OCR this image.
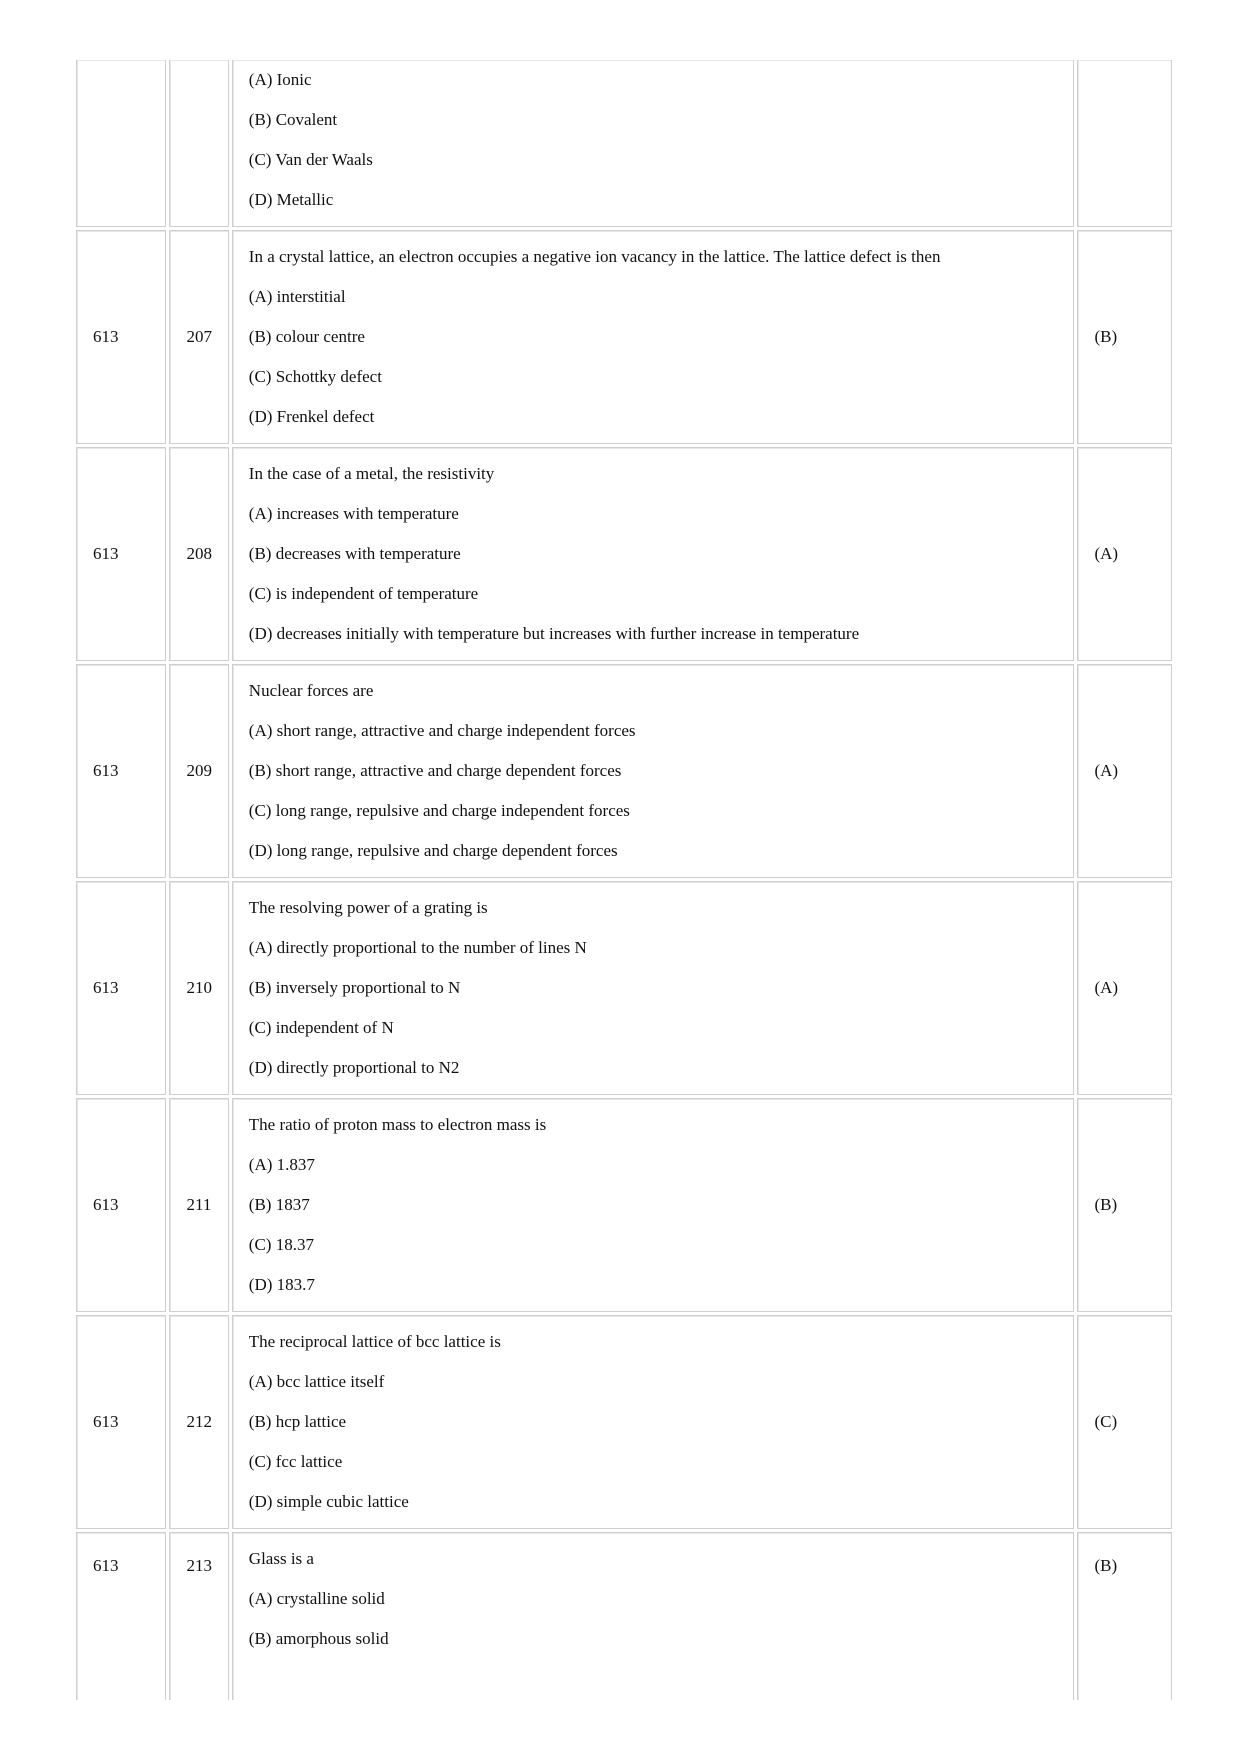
		(A) Ionic
(B) Covalent
(C) Van der Waals
(D) Metallic	

613	207	In a crystal lattice, an electron occupies a negative ion vacancy in the lattice. The lattice defect is then
(A) interstitial
(B) colour centre
(C) Schottky defect
(D) Frenkel defect	(B)
613	208	In the case of a metal, the resistivity
(A) increases with temperature
(B) decreases with temperature
(C) is independent of temperature
(D) decreases initially with temperature but increases with further increase in temperature	(A)
613	209	Nuclear forces are
(A) short range, attractive and charge independent forces
(B) short range, attractive and charge dependent forces
(C) long range, repulsive and charge independent forces
(D) long range, repulsive and charge dependent forces	(A)
613	210	The resolving power of a grating is
(A) directly proportional to the number of lines N
(B) inversely proportional to N
(C) independent of N
(D) directly proportional to N2	(A)
613	211	The ratio of proton mass to electron mass is
(A) 1.837
(B) 1837
(C) 18.37
(D) 183.7	(B)
613	212	The reciprocal lattice of bcc lattice is
(A) bcc lattice itself
(B) hcp lattice
(C) fcc lattice
(D) simple cubic lattice	(C)

613	213	Glass is a
(A) crystalline solid
(B) amorphous solid	(B)
